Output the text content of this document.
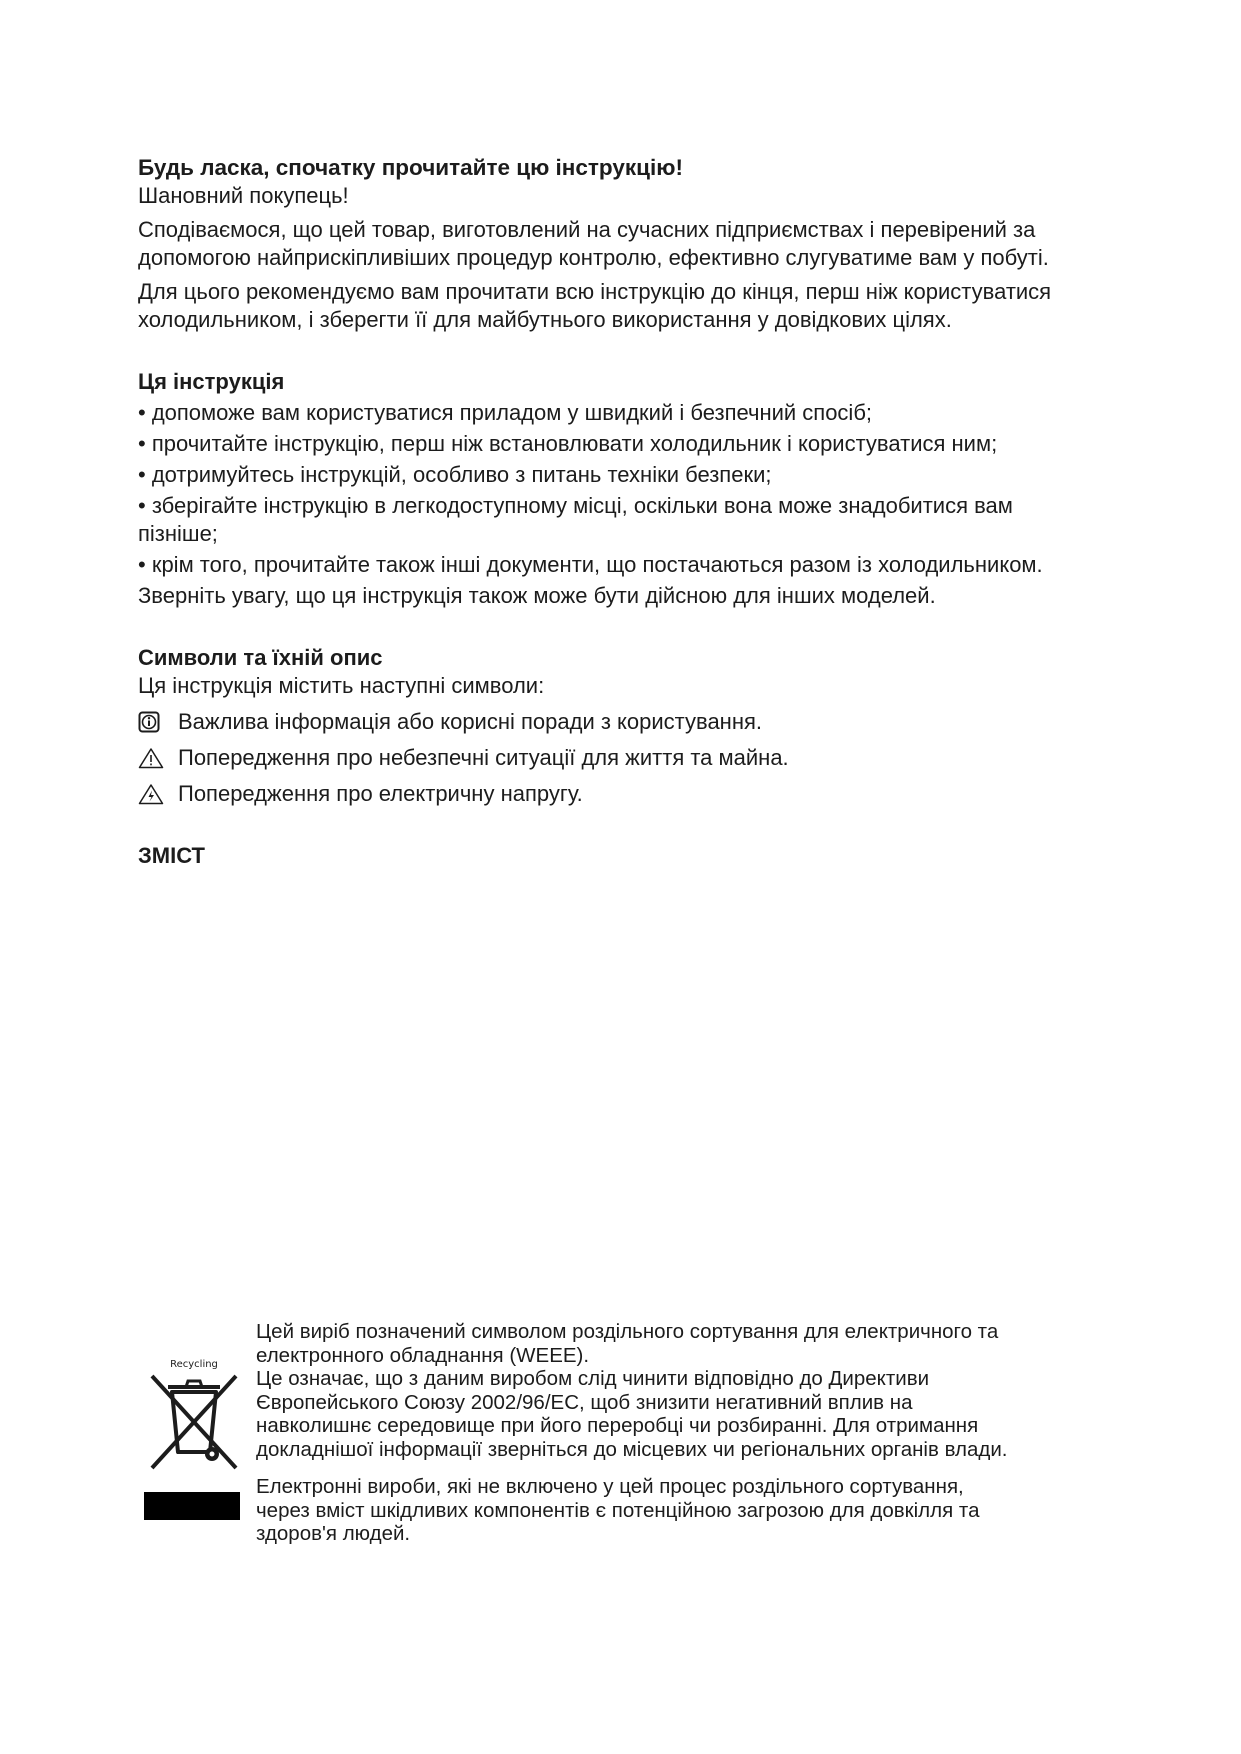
Будь ласка, спочатку прочитайте цю інструкцію!

Шановний покупець!

Сподіваємося, що цей товар, виготовлений на сучасних підприємствах і перевірений за допомогою найприскіпливіших процедур контролю, ефективно слугуватиме вам у побуті.

Для цього рекомендуємо вам прочитати всю інструкцію до кінця, перш ніж користуватися холодильником, і зберегти її для майбутнього використання у довідкових цілях.

Ця інструкція

• допоможе вам користуватися приладом у швидкий і безпечний спосіб;

• прочитайте інструкцію, перш ніж встановлювати холодильник і користуватися ним;

• дотримуйтесь інструкцій, особливо з питань техніки безпеки;

• зберігайте інструкцію в легкодоступному місці, оскільки вона може знадобитися вам пізніше;

• крім того, прочитайте також інші документи, що постачаються разом із холодильником.

Зверніть увагу, що ця інструкція також може бути дійсною для інших моделей.

Символи та їхній опис

Ця інструкція містить наступні символи:

Важлива інформація або корисні поради з користування.
Попередження про небезпечні ситуації для життя та майна.
Попередження про електричну напругу.

ЗМІСТ

Recycling

Цей виріб позначений символом роздільного сортування для електричного та електронного обладнання (WEEE).

Це означає, що з даним виробом слід чинити відповідно до Директиви Європейського Союзу 2002/96/ЕС, щоб знизити негативний вплив на навколишнє середовище при його переробці чи розбиранні. Для отримання докладнішої інформації зверніться до місцевих чи регіональних органів влади.

Електронні вироби, які не включено у цей процес роздільного сортування, через вміст шкідливих компонентів є потенційною загрозою для довкілля та здоров'я людей.
